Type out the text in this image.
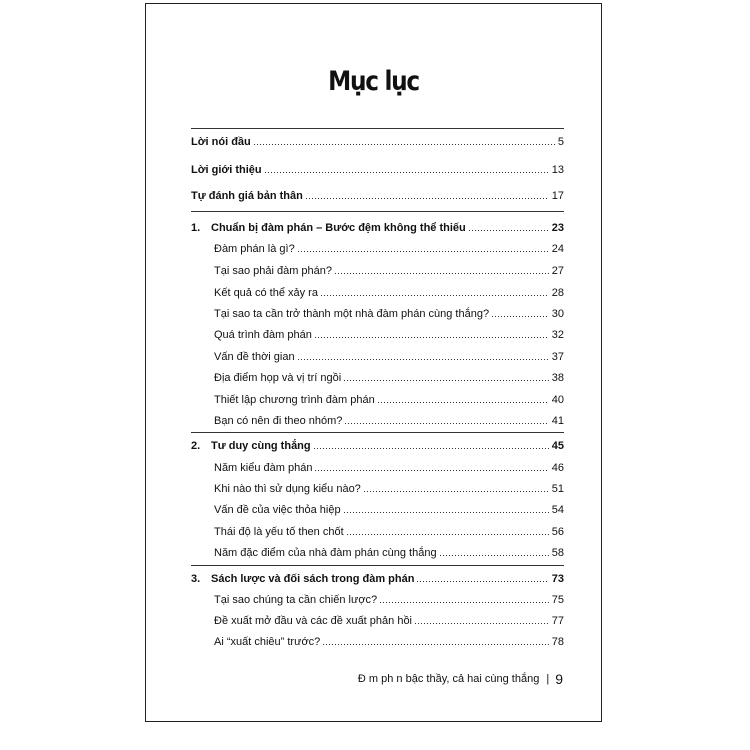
Mục lục
Lời nói đầu	5
Lời giới thiệu	13
Tự đánh giá bản thân	17
1. Chuẩn bị đàm phán – Bước đệm không thể thiếu	23
Đàm phán là gì?	24
Tại sao phải đàm phán?	27
Kết quả có thể xảy ra	28
Tại sao ta cần trở thành một nhà đàm phán cùng thắng?	30
Quá trình đàm phán	32
Vấn đề thời gian	37
Địa điểm họp và vị trí ngồi	38
Thiết lập chương trình đàm phán	40
Bạn có nên đi theo nhóm?	41
2. Tư duy cùng thắng	45
Năm kiểu đàm phán	46
Khi nào thì sử dụng kiểu nào?	51
Vấn đề của việc thỏa hiệp	54
Thái độ là yếu tố then chốt	56
Năm đặc điểm của nhà đàm phán cùng thắng	58
3. Sách lược và đối sách trong đàm phán	73
Tại sao chúng ta cần chiến lược?	75
Đề xuất mở đầu và các đề xuất phản hồi	77
Ai “xuất chiêu” trước?	78
Đ m ph n bậc thầy, cả hai cùng thắng | 9
